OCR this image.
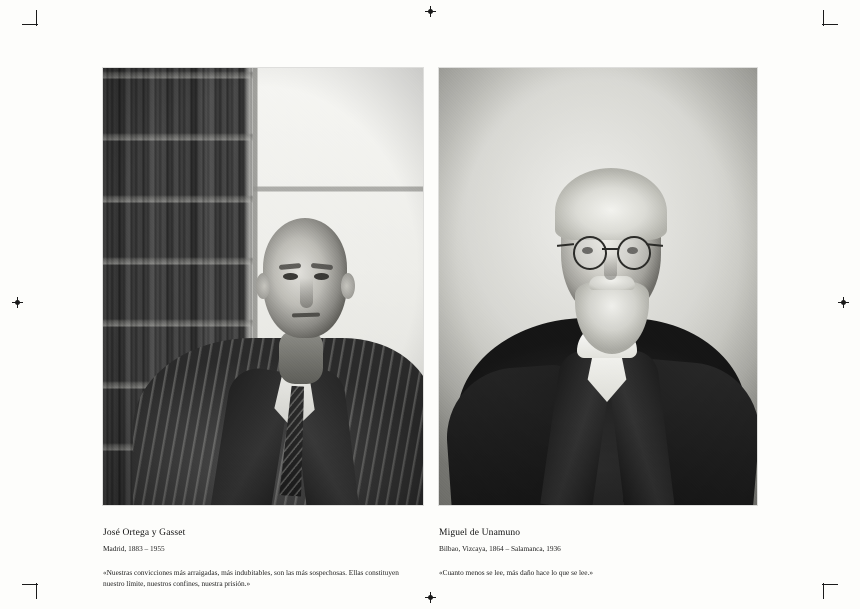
José Ortega y Gasset

Madrid, 1883 – 1955

«Nuestras convicciones más arraigadas, más indubitables, son las más sospechosas. Ellas constituyen nuestro límite, nuestros confines, nuestra prisión.»

Miguel de Unamuno

Bilbao, Vizcaya, 1864 – Salamanca, 1936

«Cuanto menos se lee, más daño hace lo que se lee.»
